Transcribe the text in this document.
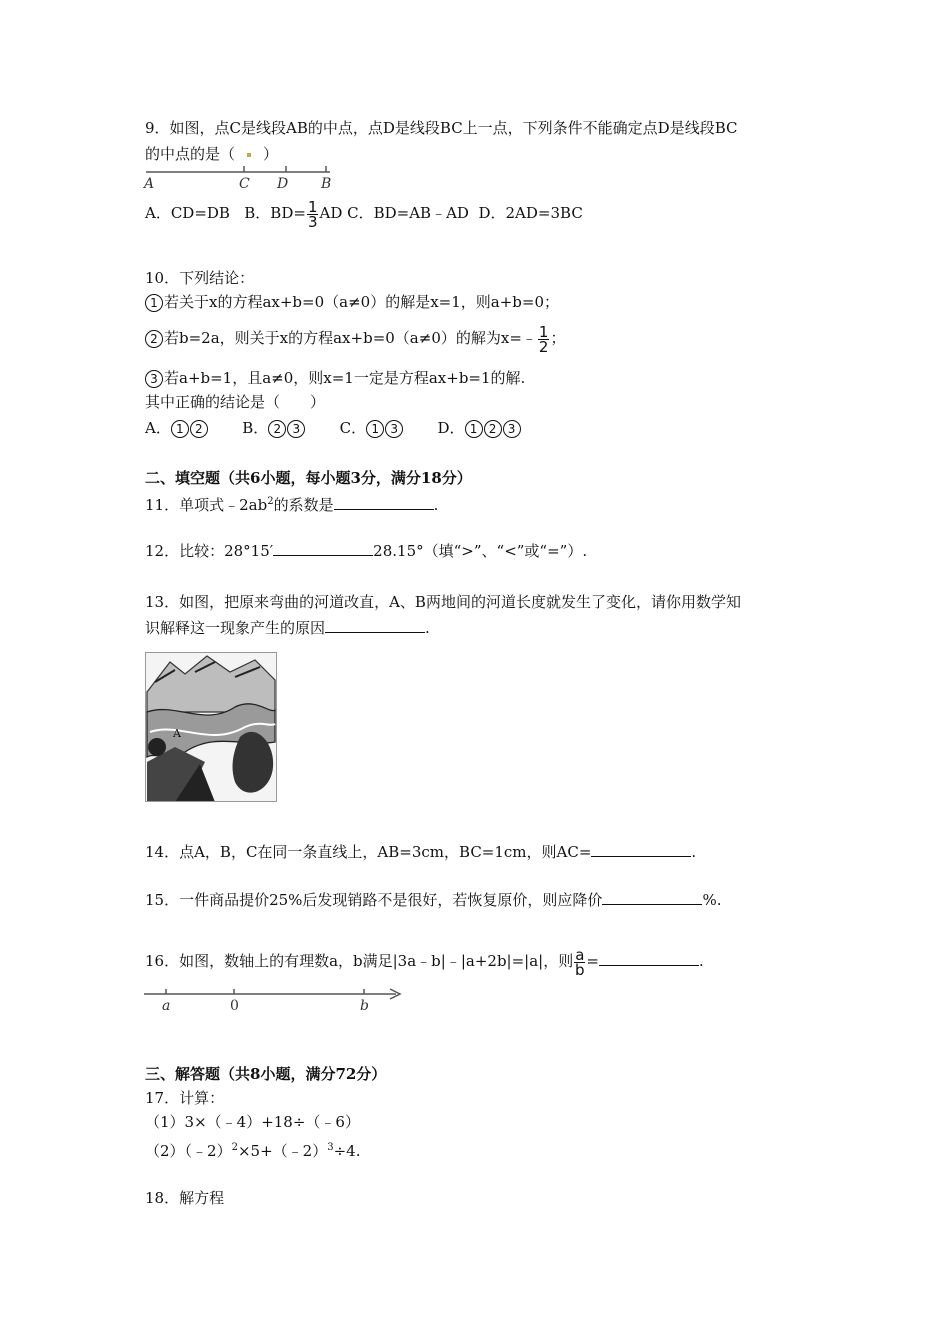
9．如图，点C是线段AB的中点，点D是线段BC上一点，下列条件不能确定点D是线段BC
的中点的是（ ）
A	C D B
A．CD=DB B．$BD= \frac{1}{3}$ AD C．BD=AB﹣AD D．2AD=3BC
10．下列结论：
1 若关于x的方程ax+b=0（a≠0）的解是x=1，则a+b=0；
2 若b=2a，则关于x的方程ax+b=0（a≠0）的解为x=﹣ $\frac{1}{2}$ ；
3 若a+b=1，且a≠0，则x=1一定是方程ax+b=1的解.
其中正确的结论是（　　）
A． 1 2	B． 2 3	C． 1 3	D． 1 2 3
二、填空题（共6小题，每小题3分，满分18分）
11．单项式$﹣2ab^2$的系数是	.
12．比较：28°15′	28.15°（填“>”、“<”或“=”）.
13．如图，把原来弯曲的河道改直，A、B两地间的河道长度就发生了变化，请你用数学知
识解释这一现象产生的原因	.
A
14．点A，B，C在同一条直线上，AB=3cm，BC=1cm，则AC=	.
15．一件商品提价25%后发现销路不是很好，若恢复原价，则应降价	%.
16．如图，数轴上的有理数a，b满足|3a﹣b|﹣|a+2b|=|a|，则 $\frac{a}{b}$ =	.
a	0	b
三、解答题（共8小题，满分72分）
17．计算：
（1）3×（﹣4）+18÷（﹣6）
（2）（﹣2）$^2$×5+（﹣2）$^3$÷4.
18．解方程
